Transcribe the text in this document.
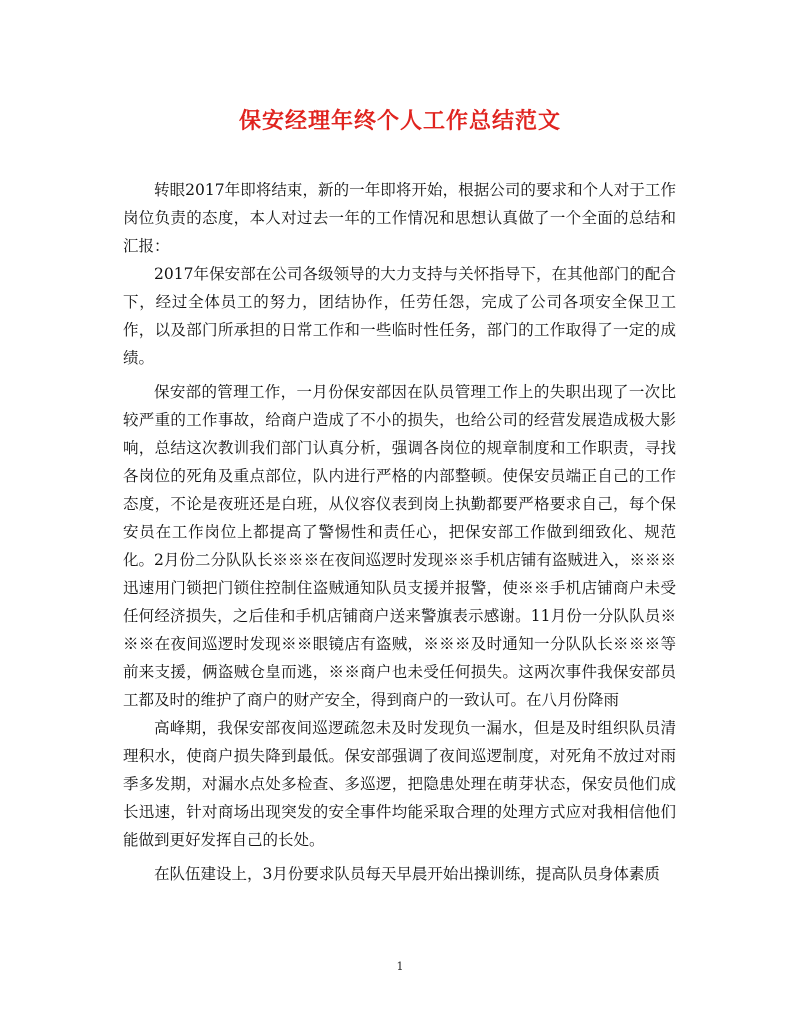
保安经理年终个人工作总结范文

转眼2017年即将结束，新的一年即将开始，根据公司的要求和个人对于工作岗位负责的态度，本人对过去一年的工作情况和思想认真做了一个全面的总结和汇报：

2017年保安部在公司各级领导的大力支持与关怀指导下，在其他部门的配合下，经过全体员工的努力，团结协作，任劳任怨，完成了公司各项安全保卫工作，以及部门所承担的日常工作和一些临时性任务，部门的工作取得了一定的成绩。

保安部的管理工作，一月份保安部因在队员管理工作上的失职出现了一次比较严重的工作事故，给商户造成了不小的损失，也给公司的经营发展造成极大影响，总结这次教训我们部门认真分析，强调各岗位的规章制度和工作职责，寻找各岗位的死角及重点部位，队内进行严格的内部整顿。使保安员端正自己的工作态度，不论是夜班还是白班，从仪容仪表到岗上执勤都要严格要求自己，每个保安员在工作岗位上都提高了警惕性和责任心，把保安部工作做到细致化、规范化。2月份二分队队长※※※在夜间巡逻时发现※※手机店铺有盗贼进入，※※※迅速用门锁把门锁住控制住盗贼通知队员支援并报警，使※※手机店铺商户未受任何经济损失，之后佳和手机店铺商户送来警旗表示感谢。11月份一分队队员※※※在夜间巡逻时发现※※眼镜店有盗贼，※※※及时通知一分队队长※※※等前来支援，俩盗贼仓皇而逃，※※商户也未受任何损失。这两次事件我保安部员工都及时的维护了商户的财产安全，得到商户的一致认可。在八月份降雨

高峰期，我保安部夜间巡逻疏忽未及时发现负一漏水，但是及时组织队员清理积水，使商户损失降到最低。保安部强调了夜间巡逻制度，对死角不放过对雨季多发期，对漏水点处多检查、多巡逻，把隐患处理在萌芽状态，保安员他们成长迅速，针对商场出现突发的安全事件均能采取合理的处理方式应对我相信他们能做到更好发挥自己的长处。

在队伍建设上，3月份要求队员每天早晨开始出操训练，提高队员身体素质

1
